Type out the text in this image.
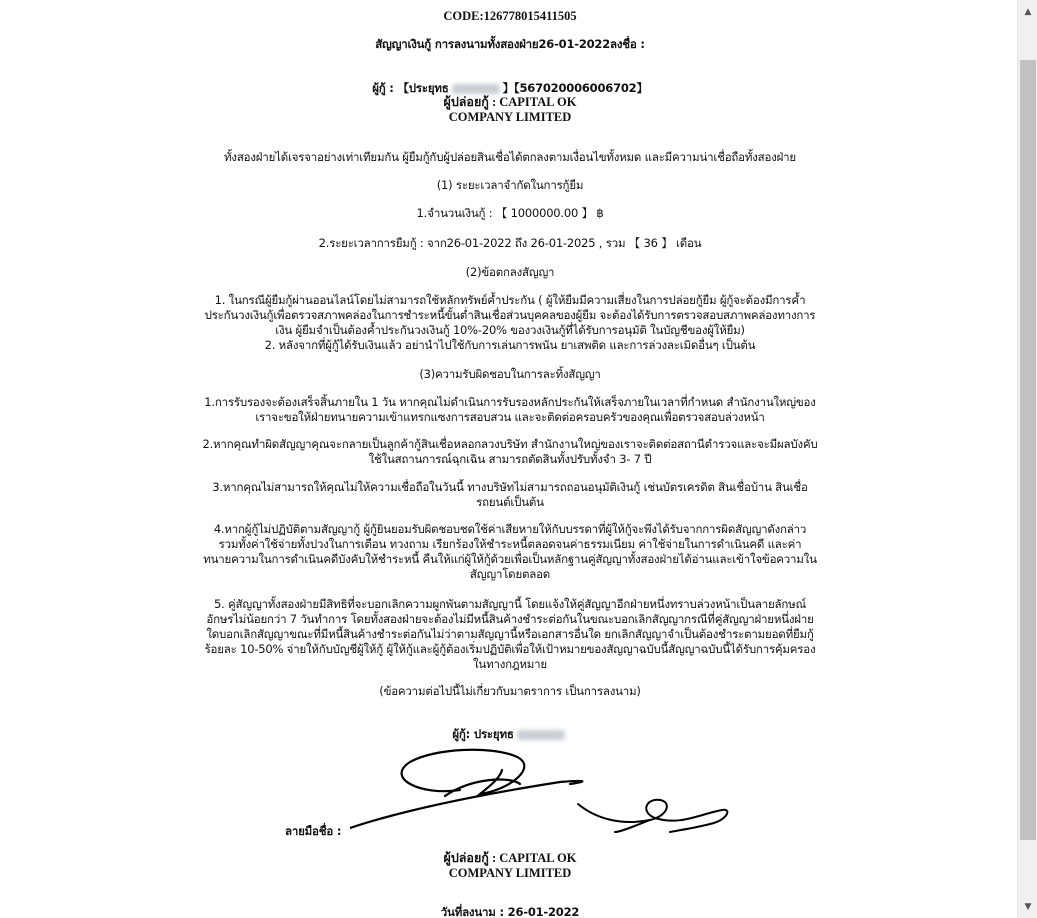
CODE:126778015411505
สัญญาเงินกู้ การลงนามทั้งสองฝ่าย26-01-2022ลงชื่อ :

ผู้กู้ : 【ประยุทธ	】【567020006006702】

ผู้ปล่อยกู้ : CAPITAL OK
COMPANY LIMITED
ทั้งสองฝ่ายได้เจรจาอย่างเท่าเทียมกัน ผู้ยืมกู้กับผู้ปล่อยสินเชื่อได้ตกลงตามเงื่อนไขทั้งหมด และมีความน่าเชื่อถือทั้งสองฝ่าย
(1) ระยะเวลาจำกัดในการกู้ยืม
1.จำนวนเงินกู้ : 【 1000000.00 】 ฿
2.ระยะเวลาการยืมกู้ : จาก26-01-2022 ถึง 26-01-2025 , รวม 【 36 】 เดือน
(2)ข้อตกลงสัญญา
1. ในกรณีผู้ยืมกู้ผ่านออนไลน์โดยไม่สามารถใช้หลักทรัพย์ค้ำประกัน ( ผู้ให้ยืมมีความเสี่ยงในการปล่อยกู้ยืม ผู้กู้จะต้องมีการค้ำ
ประกันวงเงินกู้เพื่อตรวจสภาพคล่องในการชำระหนี้ขั้นต่ำสินเชื่อส่วนบุคคลของผู้ยืม จะต้องได้รับการตรวจสอบสภาพคล่องทางการ
เงิน ผู้ยืมจำเป็นต้องค้ำประกันวงเงินกู้ 10%-20% ของวงเงินกู้ที่ได้รับการอนุมัติ ในบัญชีของผู้ให้ยืม)
2. หลังจากที่ผู้กู้ได้รับเงินแล้ว อย่านำไปใช้กับการเล่นการพนัน ยาเสพติด และการล่วงละเมิดอื่นๆ เป็นต้น
(3)ความรับผิดชอบในการละทิ้งสัญญา
1.การรับรองจะต้องเสร็จสิ้นภายใน 1 วัน หากคุณไม่ดำเนินการรับรองหลักประกันให้เสร็จภายในเวลาที่กำหนด สำนักงานใหญ่ของ
เราจะขอให้ฝ่ายทนายความเข้าแทรกแซงการสอบสวน และจะติดต่อครอบครัวของคุณเพื่อตรวจสอบล่วงหน้า
2.หากคุณทำผิดสัญญาคุณจะกลายเป็นลูกค้ากู้สินเชื่อหลอกลวงบริษัท สำนักงานใหญ่ของเราจะติดต่อสถานีตำรวจและจะมีผลบังคับ
ใช้ในสถานการณ์ฉุกเฉิน สามารถตัดสินทั้งปรับทั้งจำ 3- 7 ปี
3.หากคุณไม่สามารถให้คุณไม่ให้ความเชื่อถือในวันนี้ ทางบริษัทไม่สามารถถอนอนุมัติเงินกู้ เช่นบัตรเครดิต สินเชื่อบ้าน สินเชื่อ
รถยนต์เป็นต้น
4.หากผู้กู้ไม่ปฏิบัติตามสัญญากู้ ผู้กู้ยินยอมรับผิดชอบชดใช้ค่าเสียหายให้กับบรรดาที่ผู้ให้กู้จะพึงได้รับจากการผิดสัญญาดังกล่าว
รวมทั้งค่าใช้จ่ายทั้งปวงในการเตือน ทวงถาม เรียกร้องให้ชำระหนี้ตลอดจนค่าธรรมเนียม ค่าใช้จ่ายในการดำเนินคดี และค่า
ทนายความในการดำเนินคดีบังคับให้ชำระหนี้ คืนให้แก่ผู้ให้กู้ด้วยเพื่อเป็นหลักฐานคู่สัญญาทั้งสองฝ่ายได้อ่านและเข้าใจข้อความใน
สัญญาโดยตลอด
5. คู่สัญญาทั้งสองฝ่ายมีสิทธิที่จะบอกเลิกความผูกพันตามสัญญานี้ โดยแจ้งให้คู่สัญญาอีกฝ่ายหนึ่งทราบล่วงหน้าเป็นลายลักษณ์
อักษรไม่น้อยกว่า 7 วันทำการ โดยทั้งสองฝ่ายจะต้องไม่มีหนี้สินค้างชำระต่อกันในขณะบอกเลิกสัญญากรณีที่คู่สัญญาฝ่ายหนึ่งฝ่าย
ใดบอกเลิกสัญญาขณะที่มีหนี้สินค้างชำระต่อกันไม่ว่าตามสัญญานี้หรือเอกสารอื่นใด ยกเลิกสัญญาจำเป็นต้องชำระตามยอดที่ยืมกู้
ร้อยละ 10-50% จ่ายให้กับบัญชีผู้ให้กู้ ผู้ให้กู้และผู้กู้ต้องเริ่มปฏิบัติเพื่อให้เป้าหมายของสัญญาฉบับนี้สัญญาฉบับนี้ได้รับการคุ้มครอง
ในทางกฎหมาย
(ข้อความต่อไปนี้ไม่เกี่ยวกับมาตราการ เป็นการลงนาม)

ผู้กู้: ประยุทธ

ลายมือชื่อ :
ผู้ปล่อยกู้ : CAPITAL OK
COMPANY LIMITED
วันที่ลงนาม : 26-01-2022
▲
▼
